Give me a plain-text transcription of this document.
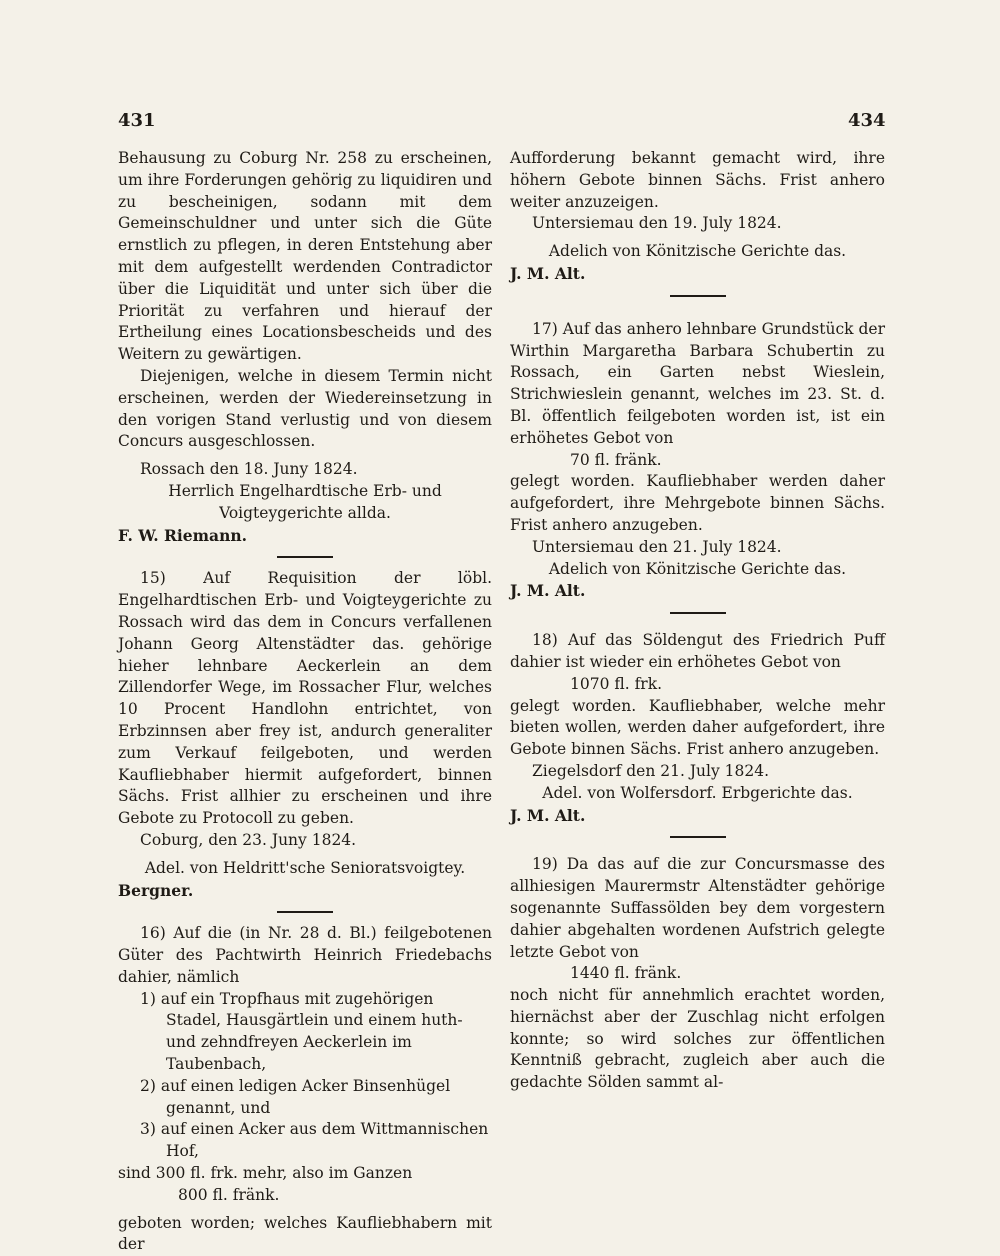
431	434

Behausung zu Coburg Nr. 258 zu erscheinen, um ihre Forderungen gehörig zu liquidiren und zu bescheinigen, sodann mit dem Gemeinschuldner und unter sich die Güte ernstlich zu pflegen, in deren Entstehung aber mit dem aufgestellt werdenden Contradictor über die Liquidität und unter sich über die Priorität zu verfahren und hierauf der Ertheilung eines Locationsbescheids und des Weitern zu gewärtigen.

Diejenigen, welche in diesem Termin nicht erscheinen, werden der Wiedereinsetzung in den vorigen Stand verlustig und von diesem Concurs ausgeschlossen.

Rossach den 18. Juny 1824.

Herrlich Engelhardtische Erb- und

Voigteygerichte allda.

F. W. Riemann.

15) Auf Requisition der löbl. Engelhardtischen Erb- und Voigteygerichte zu Rossach wird das dem in Concurs verfallenen Johann Georg Altenstädter das. gehörige hieher lehnbare Aeckerlein an dem Zillendorfer Wege, im Rossacher Flur, welches 10 Procent Handlohn entrichtet, von Erbzinnsen aber frey ist, andurch generaliter zum Verkauf feilgeboten, und werden Kaufliebhaber hiermit aufgefordert, binnen Sächs. Frist allhier zu erscheinen und ihre Gebote zu Protocoll zu geben.

Coburg, den 23. Juny 1824.

Adel. von Heldritt'sche Senioratsvoigtey.

Bergner.

16) Auf die (in Nr. 28 d. Bl.) feilgebotenen Güter des Pachtwirth Heinrich Friedebachs dahier, nämlich

1) auf ein Tropfhaus mit zugehörigen Stadel, Hausgärtlein und einem huth- und zehndfreyen Aeckerlein im Taubenbach,
2) auf einen ledigen Acker Binsenhügel genannt, und
3) auf einen Acker aus dem Wittmannischen Hof,

sind 300 fl. frk. mehr, also im Ganzen

800 fl. fränk.

geboten worden; welches Kaufliebhabern mit der

Aufforderung bekannt gemacht wird, ihre höhern Gebote binnen Sächs. Frist anhero weiter anzuzeigen.

Untersiemau den 19. July 1824.

Adelich von Könitzische Gerichte das.

J. M. Alt.

17) Auf das anhero lehnbare Grundstück der Wirthin Margaretha Barbara Schubertin zu Rossach, ein Garten nebst Wieslein, Strichwieslein genannt, welches im 23. St. d. Bl. öffentlich feilgeboten worden ist, ist ein erhöhetes Gebot von

70 fl. fränk.

gelegt worden. Kaufliebhaber werden daher aufgefordert, ihre Mehrgebote binnen Sächs. Frist anhero anzugeben.

Untersiemau den 21. July 1824.

Adelich von Könitzische Gerichte das.

J. M. Alt.

18) Auf das Söldengut des Friedrich Puff dahier ist wieder ein erhöhetes Gebot von

1070 fl. frk.

gelegt worden. Kaufliebhaber, welche mehr bieten wollen, werden daher aufgefordert, ihre Gebote binnen Sächs. Frist anhero anzugeben.

Ziegelsdorf den 21. July 1824.

Adel. von Wolfersdorf. Erbgerichte das.

J. M. Alt.

19) Da das auf die zur Concursmasse des allhiesigen Maurermstr Altenstädter gehörige sogenannte Suffassölden bey dem vorgestern dahier abgehalten wordenen Aufstrich gelegte letzte Gebot von

1440 fl. fränk.

noch nicht für annehmlich erachtet worden, hiernächst aber der Zuschlag nicht erfolgen konnte; so wird solches zur öffentlichen Kenntniß gebracht, zugleich aber auch die gedachte Sölden sammt al-
